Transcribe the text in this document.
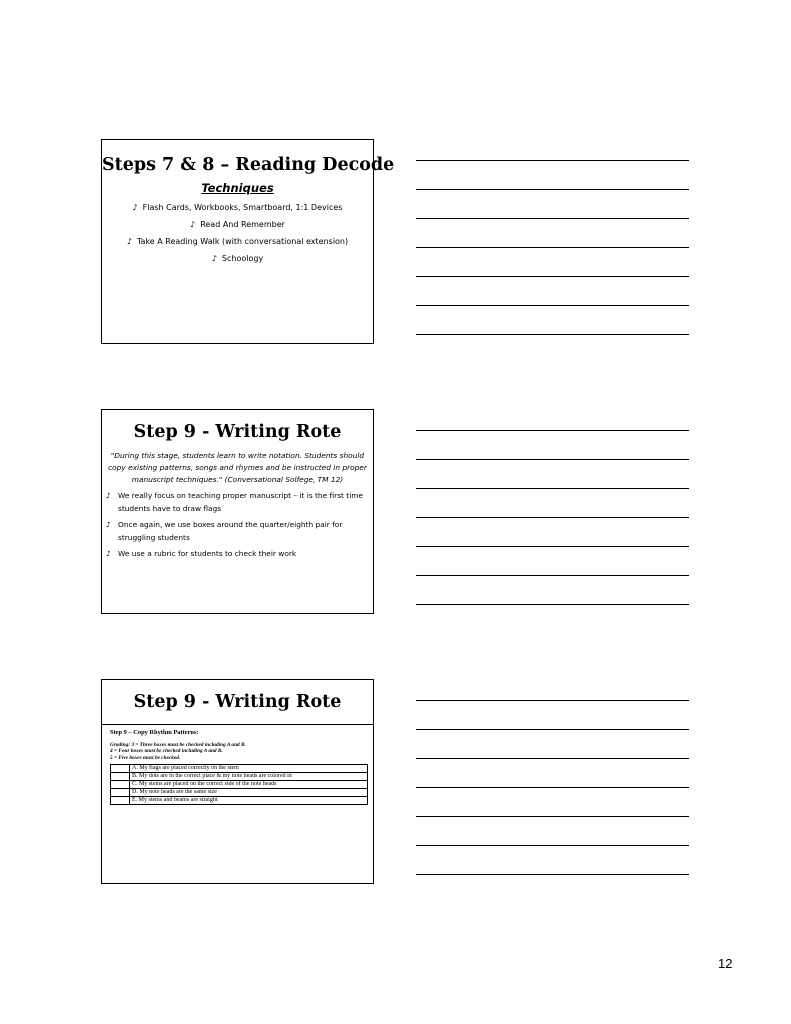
Steps 7 & 8 – Reading Decode
Techniques
♪ Flash Cards, Workbooks, Smartboard, 1:1 Devices
♪ Read And Remember
♪ Take A Reading Walk (with conversational extension)
♪ Schoology
Step 9 - Writing Rote
"During this stage, students learn to write notation. Students should copy existing patterns, songs and rhymes and be instructed in proper manuscript techniques." (Conversational Solfege, TM 12)
♪ We really focus on teaching proper manuscript – it is the first time students have to draw flags
♪ Once again, we use boxes around the quarter/eighth pair for struggling students
♪ We use a rubric for students to check their work
Step 9 - Writing Rote
Step 9 – Copy Rhythm Patterns:
Grading: 3 = Three boxes must be checked including A and B.
4 = Four boxes must be checked including A and B.
5 = Five boxes must be checked.
	A. My flags are placed correctly on the stem
	B. My dots are in the correct place & my note heads are colored in
	C. My stems are placed on the correct side of the note heads
	D. My note heads are the same size
	E. My stems and beams are straight
12
